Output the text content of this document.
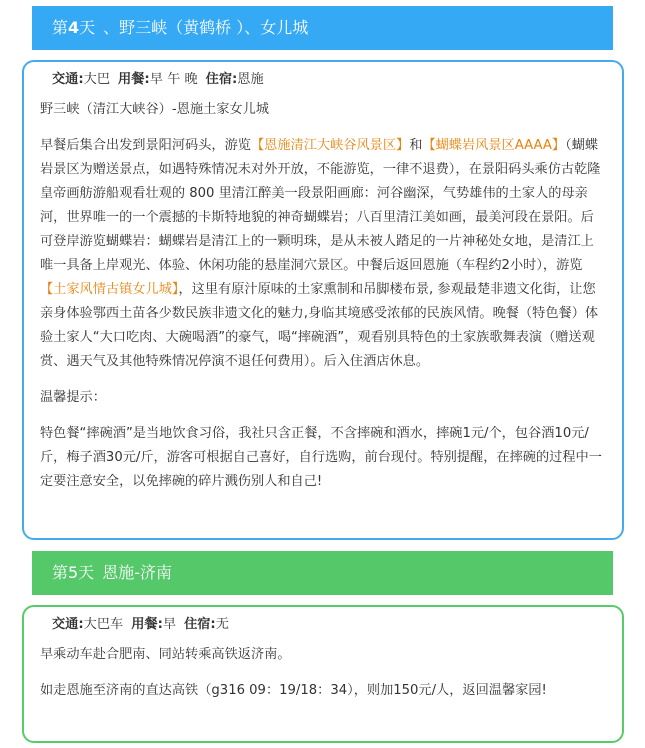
第4天 、野三峡（黄鹤桥 ）、女儿城
交通:大巴 用餐:早 午 晚 住宿:恩施

野三峡（清江大峡谷）-恩施土家女儿城

早餐后集合出发到景阳河码头，游览【恩施清江大峡谷风景区】和【蝴蝶岩风景区AAAA】（蝴蝶岩景区为赠送景点，如遇特殊情况未对外开放，不能游览，一律不退费），在景阳码头乘仿古乾隆皇帝画舫游船观看壮观的 800 里清江醉美一段景阳画廊：河谷幽深，气势雄伟的土家人的母亲河，世界唯一的一个震撼的卡斯特地貌的神奇蝴蝶岩；八百里清江美如画，最美河段在景阳。后可登岸游览蝴蝶岩：蝴蝶岩是清江上的一颗明珠，是从未被人踏足的一片神秘处女地，是清江上唯一具备上岸观光、体验、休闲功能的悬崖洞穴景区。中餐后返回恩施（车程约2小时），游览【土家风情古镇女儿城】，这里有原汁原味的土家熏制和吊脚楼布景, 参观最楚非遗文化街，让您亲身体验鄂西土苗各少数民族非遗文化的魅力,身临其境感受浓郁的民族风情。晚餐（特色餐）体验土家人“大口吃肉、大碗喝酒”的豪气，喝“摔碗酒”，观看别具特色的土家族歌舞表演（赠送观赏、遇天气及其他特殊情况停演不退任何费用）。后入住酒店休息。

温馨提示：

特色餐“摔碗酒”是当地饮食习俗，我社只含正餐，不含摔碗和酒水，摔碗1元/个，包谷酒10元/斤，梅子酒30元/斤，游客可根据自己喜好，自行选购，前台现付。特别提醒，在摔碗的过程中一定要注意安全，以免摔碗的碎片溅伤别人和自己!

第5天 恩施-济南
交通:大巴车 用餐:早 住宿:无

早乘动车赴合肥南、同站转乘高铁返济南。

如走恩施至济南的直达高铁（g316 09：19/18：34），则加150元/人，返回温馨家园!
